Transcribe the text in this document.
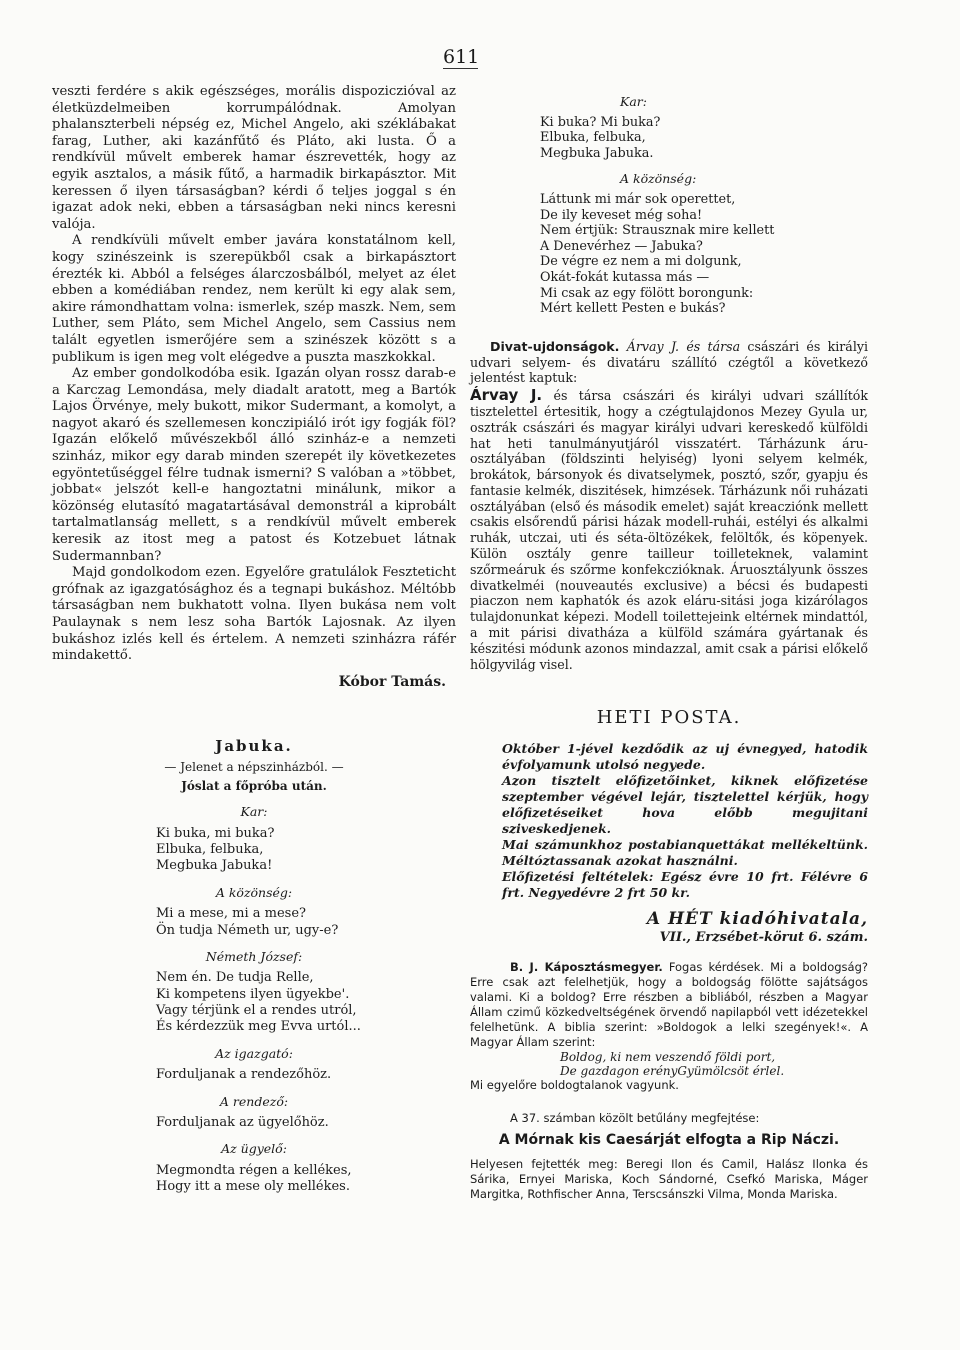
611

veszti ferdére s akik egészséges, morális dispoziczióval az életküzdelmeiben korrumpálódnak. Amolyan phalanszterbeli népség ez, Michel Angelo, aki széklábakat farag, Luther, aki kazánfűtő és Pláto, aki lusta. Ő a rendkívül művelt emberek hamar észrevették, hogy az egyik asztalos, a másik fűtő, a harmadik birkapásztor. Mit keressen ő ilyen társaságban? kérdi ő teljes joggal s én igazat adok neki, ebben a társaságban neki nincs keresni valója.

A rendkívüli művelt ember javára konstatálnom kell, kogy szinészeink is szerepükből csak a birkapásztort érezték ki. Abból a felséges álarczosbálból, melyet az élet ebben a komédiában rendez, nem került ki egy alak sem, akire rámondhattam volna: ismerlek, szép maszk. Nem, sem Luther, sem Pláto, sem Michel Angelo, sem Cassius nem talált egyetlen ismerőjére sem a szinészek között s a publikum is igen meg volt elégedve a puszta maszkokkal.

Az ember gondolkodóba esik. Igazán olyan rossz darab-e a Karczag Lemondása, mely diadalt aratott, meg a Bartók Lajos Örvénye, mely bukott, mikor Sudermant, a komolyt, a nagyot akaró és szellemesen konczipiáló irót igy fogják föl? Igazán előkelő művészekből álló szinház-e a nemzeti szinház, mikor egy darab minden szerepét ily következetes egyöntetűséggel félre tudnak ismerni? S valóban a »többet, jobbat« jelszót kell-e hangoztatni minálunk, mikor a közönség elutasító magatartásával demonstrál a kiprobált tartalmatlanság mellett, s a rendkívül művelt emberek keresik az itost meg a patost és Kotzebuet látnak Sudermannban?

Majd gondolkodom ezen. Egyelőre gratulálok Feszteticht grófnak az igazgatósághoz és a tegnapi bukáshoz. Méltóbb társaságban nem bukhatott volna. Ilyen bukása nem volt Paulaynak s nem lesz soha Bartók Lajosnak. Az ilyen bukáshoz izlés kell és értelem. A nemzeti szinházra ráfér mindakettő.

Kóbor Tamás.
Jabuka.
— Jelenet a népszinházból. —
Jóslat a főpróba után.
Kar:
Ki buka, mi buka?
Elbuka, felbuka,
Megbuka Jabuka!
A közönség:
Mi a mese, mi a mese?
Ön tudja Németh ur, ugy-e?
Németh József:
Nem én. De tudja Relle,
Ki kompetens ilyen ügyekbe'.
Vagy térjünk el a rendes utról,
És kérdezzük meg Evva urtól...
Az igazgató:
Forduljanak a rendezőhöz.
A rendező:
Forduljanak az ügyelőhöz.
Az ügyelő:
Megmondta régen a kellékes,
Hogy itt a mese oly mellékes.
Kar:
Ki buka? Mi buka?
Elbuka, felbuka,
Megbuka Jabuka.
A közönség:
Láttunk mi már sok operettet,
De ily keveset még soha!
Nem értjük: Strausznak mire kellett
A Denevérhez — Jabuka?
De végre ez nem a mi dolgunk,
Okát-fokát kutassa más —
Mi csak az egy fölött borongunk:
Mért kellett Pesten e bukás?

Divat-ujdonságok. Árvay J. és társa császári és királyi udvari selyem- és divatáru szállító czégtől a következő jelentést kaptuk:

Árvay J. és társa császári és királyi udvari szállítók tisztelettel értesitik, hogy a czégtulajdonos Mezey Gyula ur, osztrák császári és magyar királyi udvari kereskedő külföldi hat heti tanulmányutjáról visszatért. Tárházunk áru-osztályában (földszinti helyiség) lyoni selyem kelmék, brokátok, bársonyok és divatselymek, posztó, szőr, gyapju és fantasie kelmék, diszitések, himzések. Tárházunk női ruházati osztályában (első és második emelet) saját kreacziónk mellett csakis elsőrendű párisi házak modell-ruhái, estélyi és alkalmi ruhák, utczai, uti és séta-öltözékek, felöltők, és köpenyek. Külön osztály genre tailleur toilleteknek, valamint szőrmeáruk és szőrme konfekczióknak. Áruosztályunk összes divatkelméi (nouveautés exclusive) a bécsi és budapesti piaczon nem kaphatók és azok eláru-sitási joga kizárólagos tulajdonunkat képezi. Modell toilettejeink eltérnek mindattól, a mit párisi divatháza a külföld számára gyártanak és készitési módunk azonos mindazzal, amit csak a párisi előkelő hölgyvilág visel.

HETI POSTA.

Október 1-jével kezdődik az uj évnegyed, hatodik évfolyamunk utolsó negyede.

Azon tisztelt előfizetőinket, kiknek előfizetése szeptember végével lejár, tisztelettel kérjük, hogy előfizetéseiket hova előbb megujitani sziveskedjenek.

Mai számunkhoz postabianquettákat mellékeltünk. Méltóztassanak azokat használni.

Előfizetési feltételek: Egész évre 10 frt. Félévre 6 frt. Negyedévre 2 frt 50 kr.

A HÉT kiadóhivatala,
VII., Erzsébet-körut 6. szám.

B. J. Káposztásmegyer. Fogas kérdések. Mi a boldogság? Erre csak azt felelhetjük, hogy a boldogság fölötte sajátságos valami. Ki a boldog? Erre részben a bibliából, részben a Magyar Állam czimű közkedveltségének örvendő napilapból vett idézetekkel felelhetünk. A biblia szerint: »Boldogok a lelki szegények!«. A Magyar Állam szerint:

Boldog, ki nem veszendő földi port,
De gazdagon erényGyümölcsöt érlel.

Mi egyelőre boldogtalanok vagyunk.

A 37. számban közölt betűlány megfejtése:

A Mórnak kis Caesárját elfogta a Rip Náczi.

Helyesen fejtették meg: Beregi Ilon és Camil, Halász Ilonka és Sárika, Ernyei Mariska, Koch Sándorné, Csefkó Mariska, Máger Margitka, Rothfischer Anna, Terscsánszki Vilma, Monda Mariska.
